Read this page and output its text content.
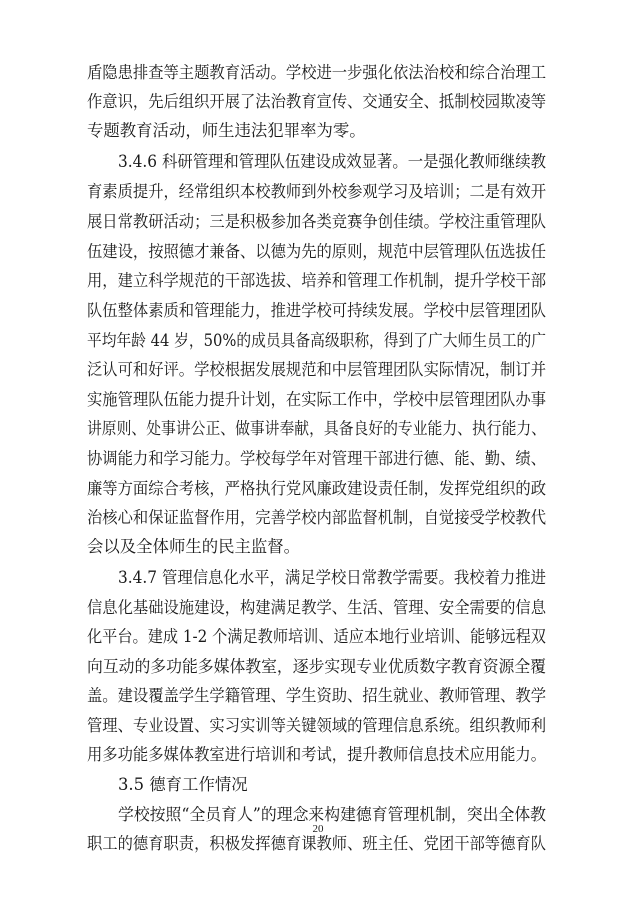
盾隐患排查等主题教育活动。学校进一步强化依法治校和综合治理工
作意识，先后组织开展了法治教育宣传、交通安全、抵制校园欺凌等
专题教育活动，师生违法犯罪率为零。
3.4.6 科研管理和管理队伍建设成效显著。一是强化教师继续教
育素质提升，经常组织本校教师到外校参观学习及培训；二是有效开
展日常教研活动；三是积极参加各类竞赛争创佳绩。学校注重管理队
伍建设，按照德才兼备、以德为先的原则，规范中层管理队伍选拔任
用，建立科学规范的干部选拔、培养和管理工作机制，提升学校干部
队伍整体素质和管理能力，推进学校可持续发展。学校中层管理团队
平均年龄 44 岁，50%的成员具备高级职称，得到了广大师生员工的广
泛认可和好评。学校根据发展规范和中层管理团队实际情况，制订并
实施管理队伍能力提升计划，在实际工作中，学校中层管理团队办事
讲原则、处事讲公正、做事讲奉献，具备良好的专业能力、执行能力、
协调能力和学习能力。学校每学年对管理干部进行德、能、勤、绩、
廉等方面综合考核，严格执行党风廉政建设责任制，发挥党组织的政
治核心和保证监督作用，完善学校内部监督机制，自觉接受学校教代
会以及全体师生的民主监督。
3.4.7 管理信息化水平，满足学校日常教学需要。我校着力推进
信息化基础设施建设，构建满足教学、生活、管理、安全需要的信息
化平台。建成 1-2 个满足教师培训、适应本地行业培训、能够远程双
向互动的多功能多媒体教室，逐步实现专业优质数字教育资源全覆
盖。建设覆盖学生学籍管理、学生资助、招生就业、教师管理、教学
管理、专业设置、实习实训等关键领域的管理信息系统。组织教师利
用多功能多媒体教室进行培训和考试，提升教师信息技术应用能力。
3.5 德育工作情况
学校按照“全员育人”的理念来构建德育管理机制，突出全体教
职工的德育职责，积极发挥德育课教师、班主任、党团干部等德育队
20
